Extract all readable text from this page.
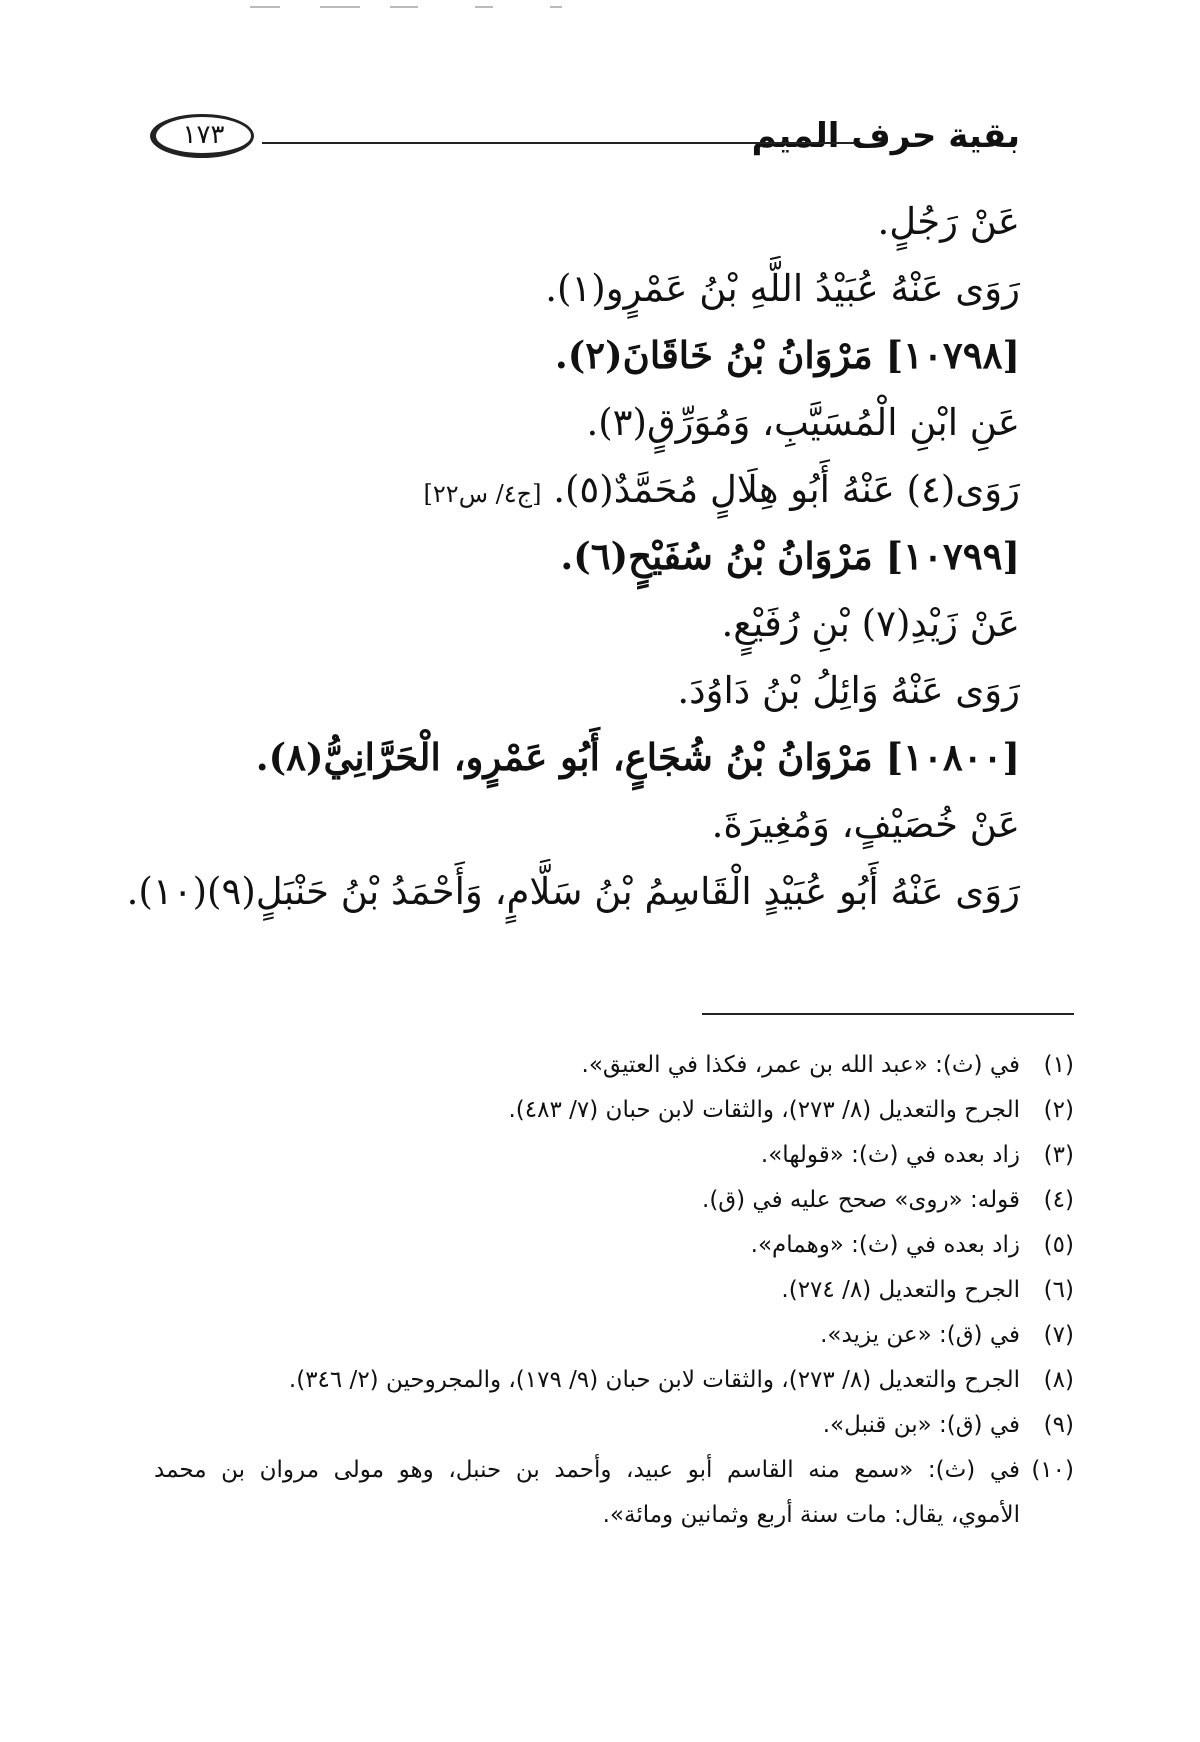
بقية حرف الميم
١٧٣
عَنْ رَجُلٍ.
رَوَى عَنْهُ عُبَيْدُ اللَّهِ بْنُ عَمْرٍو(١).
[١٠٧٩٨] مَرْوَانُ بْنُ خَاقَانَ(٢).
عَنِ ابْنِ الْمُسَيَّبِ، وَمُوَرِّقٍ(٣).
رَوَى(٤) عَنْهُ أَبُو هِلَالٍ مُحَمَّدٌ(٥). [ج٤/ س٢٢]
[١٠٧٩٩] مَرْوَانُ بْنُ سُفَيْحٍ(٦).
عَنْ زَيْدِ(٧) بْنِ رُفَيْعٍ.
رَوَى عَنْهُ وَائِلُ بْنُ دَاوُدَ.
[١٠٨٠٠] مَرْوَانُ بْنُ شُجَاعٍ، أَبُو عَمْرٍو، الْحَرَّانِيُّ(٨).
عَنْ خُصَيْفٍ، وَمُغِيرَةَ.
رَوَى عَنْهُ أَبُو عُبَيْدٍ الْقَاسِمُ بْنُ سَلَّامٍ، وَأَحْمَدُ بْنُ حَنْبَلٍ(٩)(١٠).
(١)
في (ث): «عبد الله بن عمر، فكذا في العتيق».
(٢)
الجرح والتعديل (٨/ ٢٧٣)، والثقات لابن حبان (٧/ ٤٨٣).
(٣)
زاد بعده في (ث): «قولها».
(٤)
قوله: «روى» صحح عليه في (ق).
(٥)
زاد بعده في (ث): «وهمام».
(٦)
الجرح والتعديل (٨/ ٢٧٤).
(٧)
في (ق): «عن يزيد».
(٨)
الجرح والتعديل (٨/ ٢٧٣)، والثقات لابن حبان (٩/ ١٧٩)، والمجروحين (٢/ ٣٤٦).
(٩)
في (ق): «بن قنبل».
(١٠)
في (ث): «سمع منه القاسم أبو عبيد، وأحمد بن حنبل، وهو مولى مروان بن محمد
الأموي، يقال: مات سنة أربع وثمانين ومائة».
